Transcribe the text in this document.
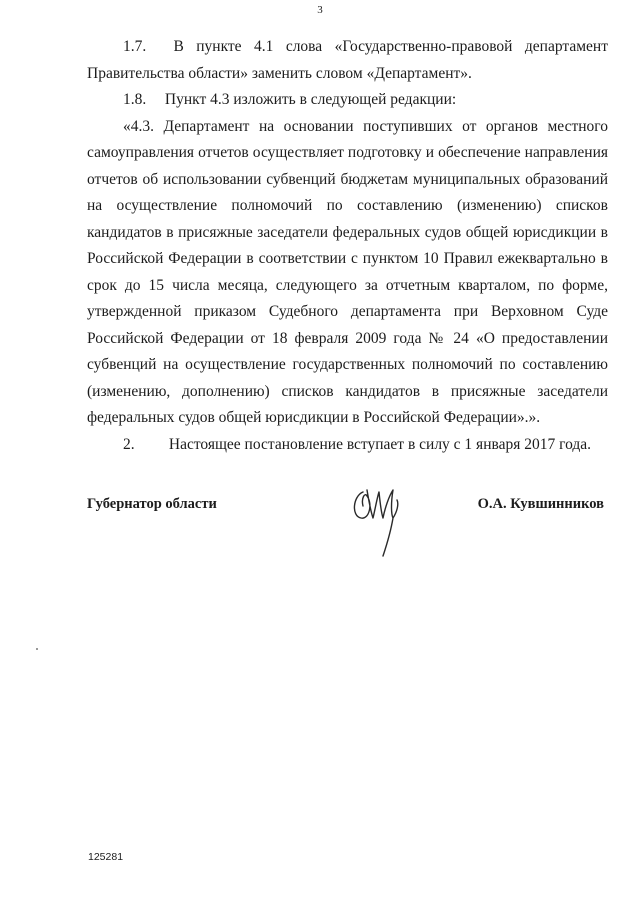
3

1.7. В пункте 4.1 слова «Государственно-правовой департамент Правительства области» заменить словом «Департамент».

1.8. Пункт 4.3 изложить в следующей редакции:

«4.3. Департамент на основании поступивших от органов местного самоуправления отчетов осуществляет подготовку и обеспечение направления отчетов об использовании субвенций бюджетам муниципальных образований на осуществление полномочий по составлению (изменению) списков кандидатов в присяжные заседатели федеральных судов общей юрисдикции в Российской Федерации в соответствии с пунктом 10 Правил ежеквартально в срок до 15 числа месяца, следующего за отчетным кварталом, по форме, утвержденной приказом Судебного департамента при Верховном Суде Российской Федерации от 18 февраля 2009 года № 24 «О предоставлении субвенций на осуществление государственных полномочий по составлению (изменению, дополнению) списков кандидатов в присяжные заседатели федеральных судов общей юрисдикции в Российской Федерации».».

2. Настоящее постановление вступает в силу с 1 января 2017 года.

Губернатор области	О.А. Кувшинников
125281
